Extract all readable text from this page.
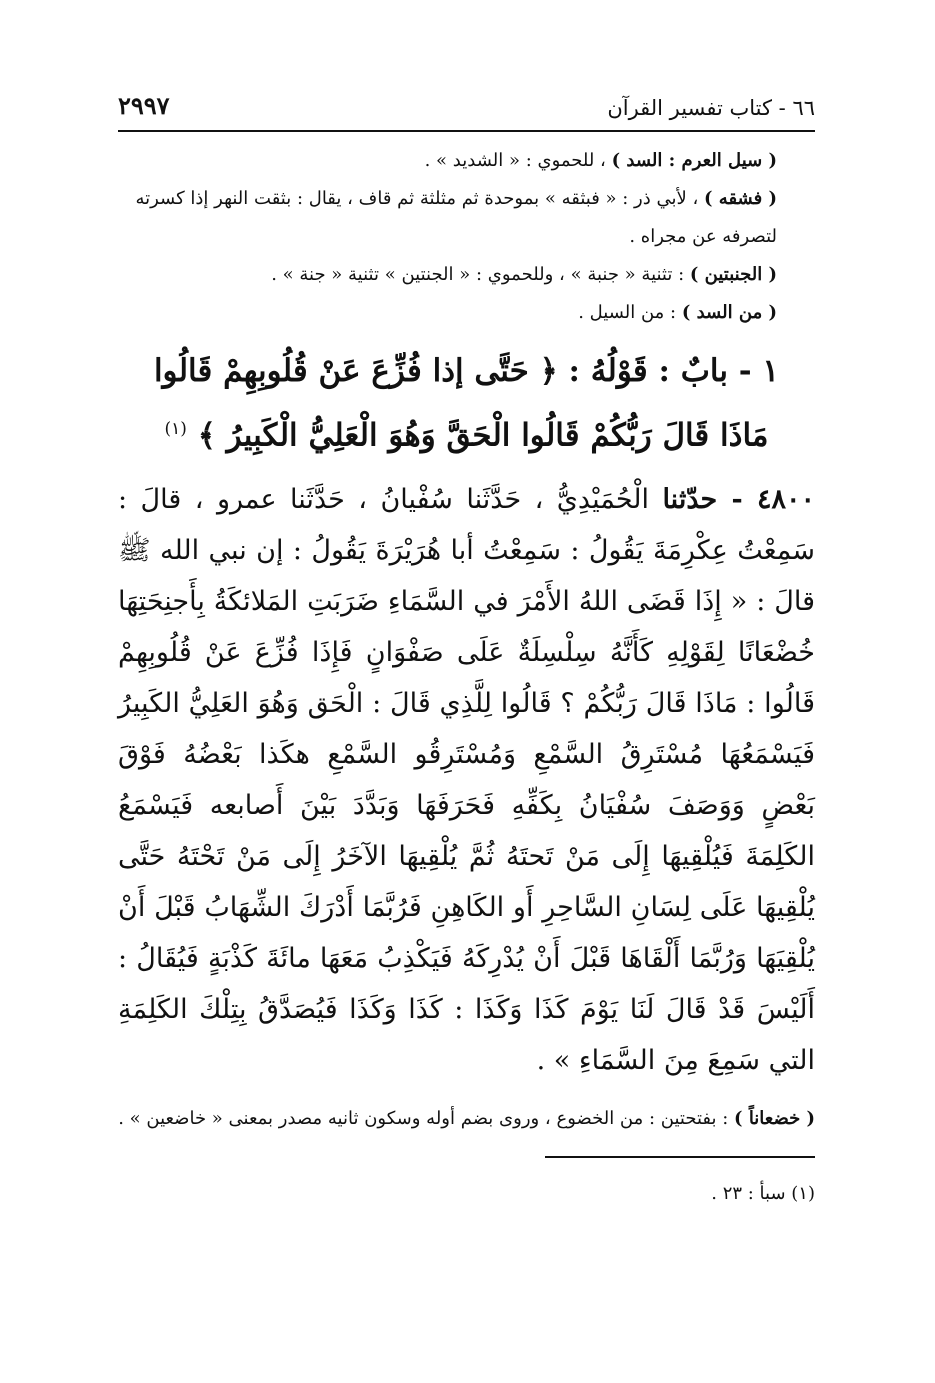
٦٦ - كتاب تفسير القرآن
٢٩٩٧

( سيل العرم : السد ) ، للحموي : « الشديد » .

( فشقه ) ، لأبي ذر : « فبثقه » بموحدة ثم مثلثة ثم قاف ، يقال : بثقت النهر إذا كسرته لتصرفه عن مجراه .

( الجنبتين ) : تثنية « جنبة » ، وللحموي : « الجنتين » تثنية « جنة » .

( من السد ) : من السيل .

١ - بابٌ : قَوْلُهُ : ﴿ حَتَّى إذا فُزِّعَ عَنْ قُلُوبِهِمْ قَالُوا
مَاذَا قَالَ رَبُّكُمْ قَالُوا الْحَقَّ وَهُوَ الْعَلِيُّ الْكَبِيرُ ﴾ $^{(١)}$

٤٨٠٠ - حدّثنا الْحُمَيْدِيُّ ، حَدَّثَنا سُفْيانُ ، حَدَّثَنا عمرو ، قالَ : سَمِعْتُ عِكْرِمَةَ يَقُولُ : سَمِعْتُ أبا هُرَيْرَةَ يَقُولُ : إن نبي الله ﷺ قالَ : « إِذَا قَضَى اللهُ الأَمْرَ في السَّمَاءِ ضَرَبَتِ المَلائكَةُ بِأَجنِحَتِهَا خُضْعَانًا لِقَوْلِهِ كَأَنَّهُ سِلْسِلَةٌ عَلَى صَفْوَانٍ فَإِذَا فُزِّعَ عَنْ قُلُوبِهِمْ قَالُوا : مَاذَا قَالَ رَبُّكُمْ ؟ قَالُوا لِلَّذِي قَالَ : الْحَق وَهُوَ العَلِيُّ الكَبِيرُ فَيَسْمَعُهَا مُسْتَرِقُ السَّمْعِ وَمُسْتَرِقُو السَّمْعِ هكَذا بَعْضُهُ فَوْقَ بَعْضٍ وَوَصَفَ سُفْيَانُ بِكَفِّهِ فَحَرَفَهَا وَبَدَّدَ بَيْنَ أَصابعه فَيَسْمَعُ الكَلِمَةَ فَيُلْقِيهَا إِلَى مَنْ تَحتَهُ ثُمَّ يُلْقِيهَا الآخَرُ إِلَى مَنْ تَحْتَهُ حَتَّى يُلْقِيهَا عَلَى لِسَانِ السَّاحِرِ أَو الكَاهِنِ فَرُبَّمَا أَدْرَكَ الشِّهَابُ قَبْلَ أَنْ يُلْقِيَهَا وَرُبَّمَا أَلْقَاهَا قَبْلَ أَنْ يُدْرِكَهُ فَيَكْذِبُ مَعَهَا مائَةَ كَذْبَةٍ فَيُقَالُ : أَلَيْسَ قَدْ قَالَ لَنَا يَوْمَ كَذَا وَكَذَا : كَذَا وَكَذَا فَيُصَدَّقُ بِتِلْكَ الكَلِمَةِ التي سَمِعَ مِنَ السَّمَاءِ » .

( خضعاناً ) : بفتحتين : من الخضوع ، وروى بضم أوله وسكون ثانيه مصدر بمعنى « خاضعين » .

(١) سبأ : ٢٣ .
